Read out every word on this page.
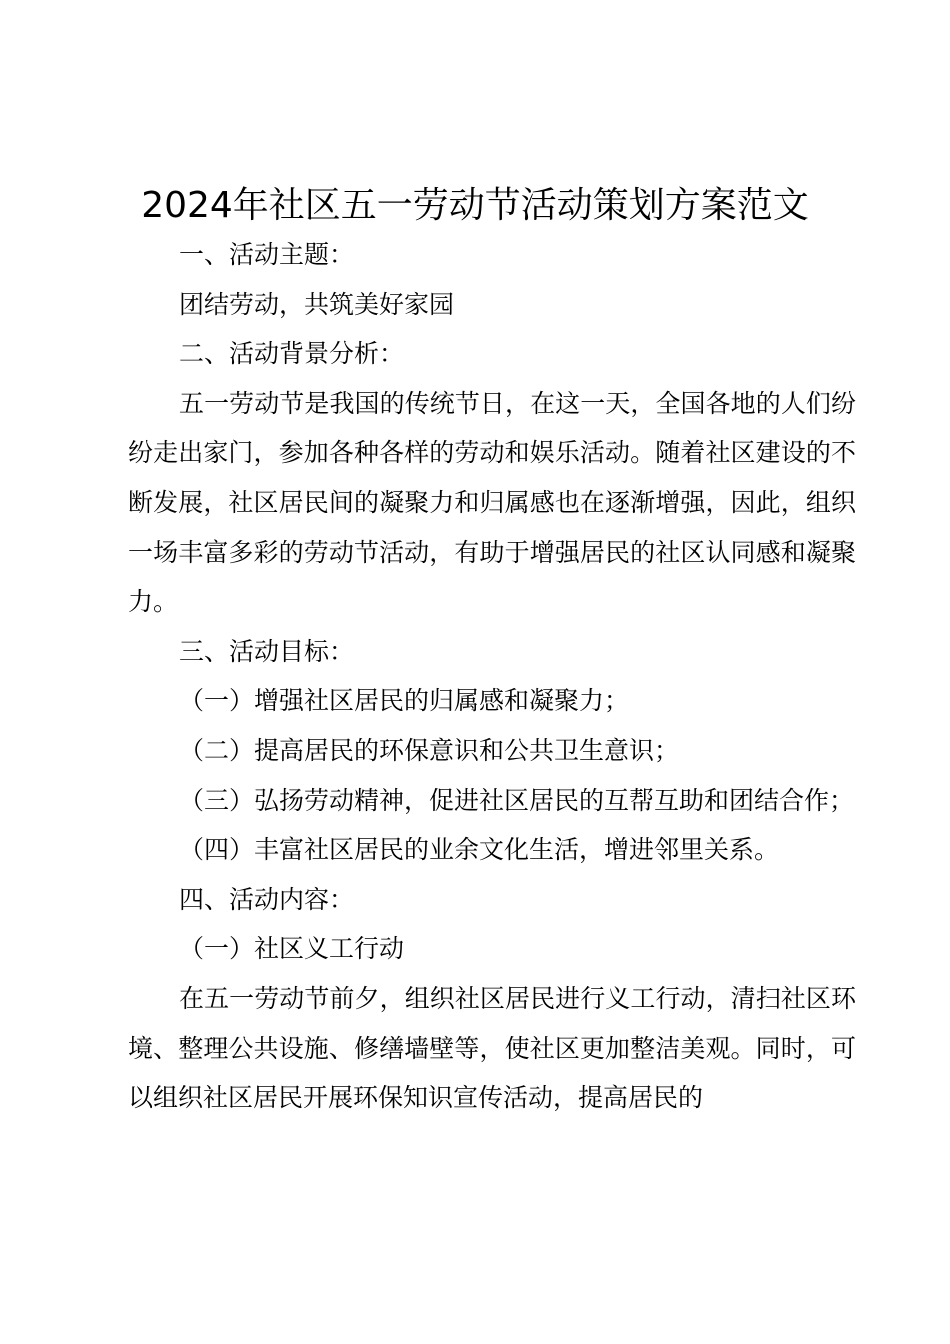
2024年社区五一劳动节活动策划方案范文

一、活动主题：

团结劳动，共筑美好家园

二、活动背景分析：

五一劳动节是我国的传统节日，在这一天，全国各地的人们纷纷走出家门，参加各种各样的劳动和娱乐活动。随着社区建设的不断发展，社区居民间的凝聚力和归属感也在逐渐增强，因此，组织一场丰富多彩的劳动节活动，有助于增强居民的社区认同感和凝聚力。

三、活动目标：

（一）增强社区居民的归属感和凝聚力；

（二）提高居民的环保意识和公共卫生意识；

（三）弘扬劳动精神，促进社区居民的互帮互助和团结合作；

（四）丰富社区居民的业余文化生活，增进邻里关系。

四、活动内容：

（一）社区义工行动

在五一劳动节前夕，组织社区居民进行义工行动，清扫社区环境、整理公共设施、修缮墙壁等，使社区更加整洁美观。同时，可以组织社区居民开展环保知识宣传活动，提高居民的
